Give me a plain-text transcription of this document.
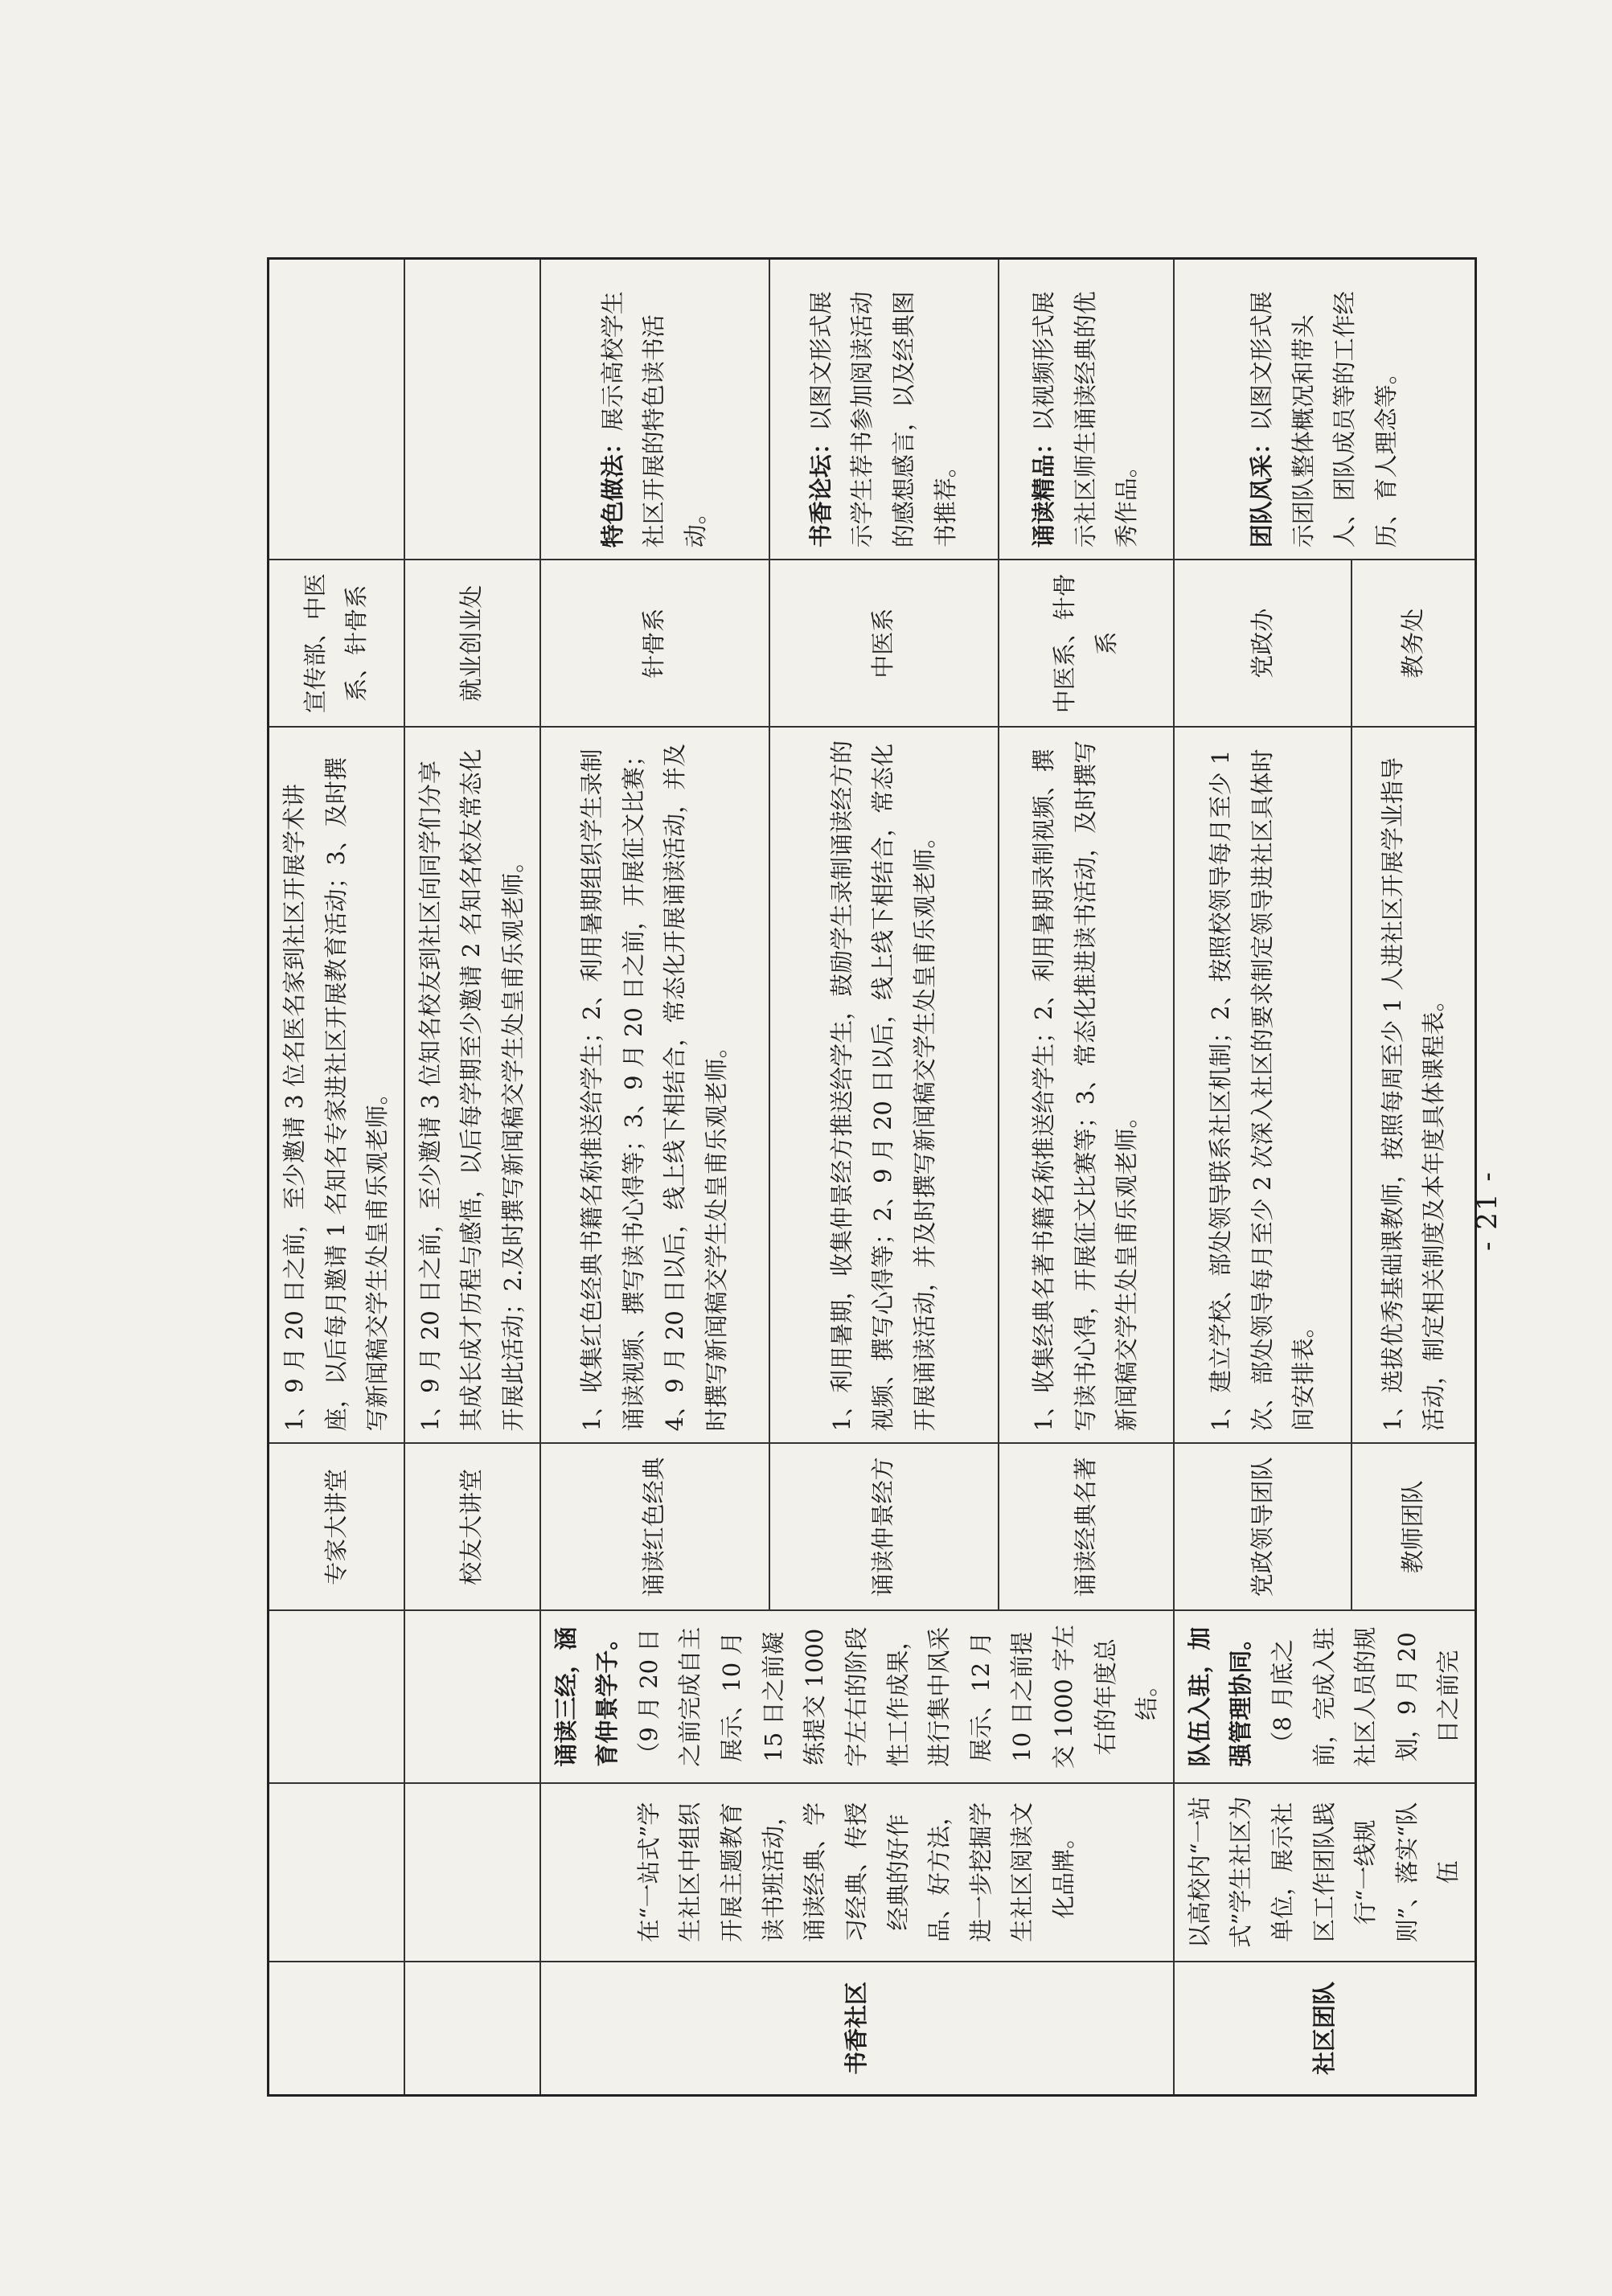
			专家大讲堂	1、9 月 20 日之前，至少邀请 3 位名医名家到社区开展学术讲座，以后每月邀请 1 名知名专家进社区开展教育活动；3、及时撰写新闻稿交学生处皇甫乐观老师。	宣传部、中医系、针骨系	
			校友大讲堂	1、9 月 20 日之前，至少邀请 3 位知名校友到社区向同学们分享其成长成才历程与感悟，以后每学期至少邀请 2 名知名校友常态化开展此活动；2.及时撰写新闻稿交学生处皇甫乐观老师。	就业创业处	
书香社区	在“一站式”学生社区中组织开展主题教育读书班活动，诵读经典、学习经典、传授经典的好作品、好方法，进一步挖掘学生社区阅读文化品牌。	诵读三经，涵育仲景学子。 （9 月 20 日之前完成自主展示、10 月 15 日之前凝练提交 1000 字左右的阶段性工作成果，进行集中风采展示、12 月 10 日之前提交 1000 字左右的年度总结。	诵读红色经典	1、收集红色经典书籍名称推送给学生；2、利用暑期组织学生录制诵读视频、撰写读书心得等；3、9 月 20 日之前，开展征文比赛；4、9 月 20 日以后，线上线下相结合，常态化开展诵读活动，并及时撰写新闻稿交学生处皇甫乐观老师。	针骨系	特色做法：展示高校学生社区开展的特色读书活动。
			诵读仲景经方	1、利用暑期，收集仲景经方推送给学生，鼓励学生录制诵读经方的视频、撰写心得等；2、9 月 20 日以后，线上线下相结合，常态化开展诵读活动，并及时撰写新闻稿交学生处皇甫乐观老师。	中医系	书香论坛：以图文形式展示学生荐书参加阅读活动的感想感言，以及经典图书推荐。
			诵读经典名著	1、收集经典名著书籍名称推送给学生；2、利用暑期录制视频、撰写读书心得，开展征文比赛等；3、常态化推进读书活动，及时撰写新闻稿交学生处皇甫乐观老师。	中医系、针骨系	诵读精品：以视频形式展示社区师生诵读经典的优秀作品。
社区团队	以高校内“一站式”学生社区为单位，展示社区工作团队践行“一线规则”、落实“队伍	队伍入驻，加强管理协同。 （8 月底之前，完成入驻社区人员的规划，9 月 20 日之前完	党政领导团队	1、建立学校、部处领导联系社区机制；2、按照校领导每月至少 1 次、部处领导每月至少 2 次深入社区的要求制定领导进社区具体时间安排表。	党政办	团队风采：以图文形式展示团队整体概况和带头人、团队成员等的工作经历、育人理念等。
			教师团队	1、选拔优秀基础课教师，按照每周至少 1 人进社区开展学业指导活动，制定相关制度及本年度具体课程表。	教务处	
- 21 -
